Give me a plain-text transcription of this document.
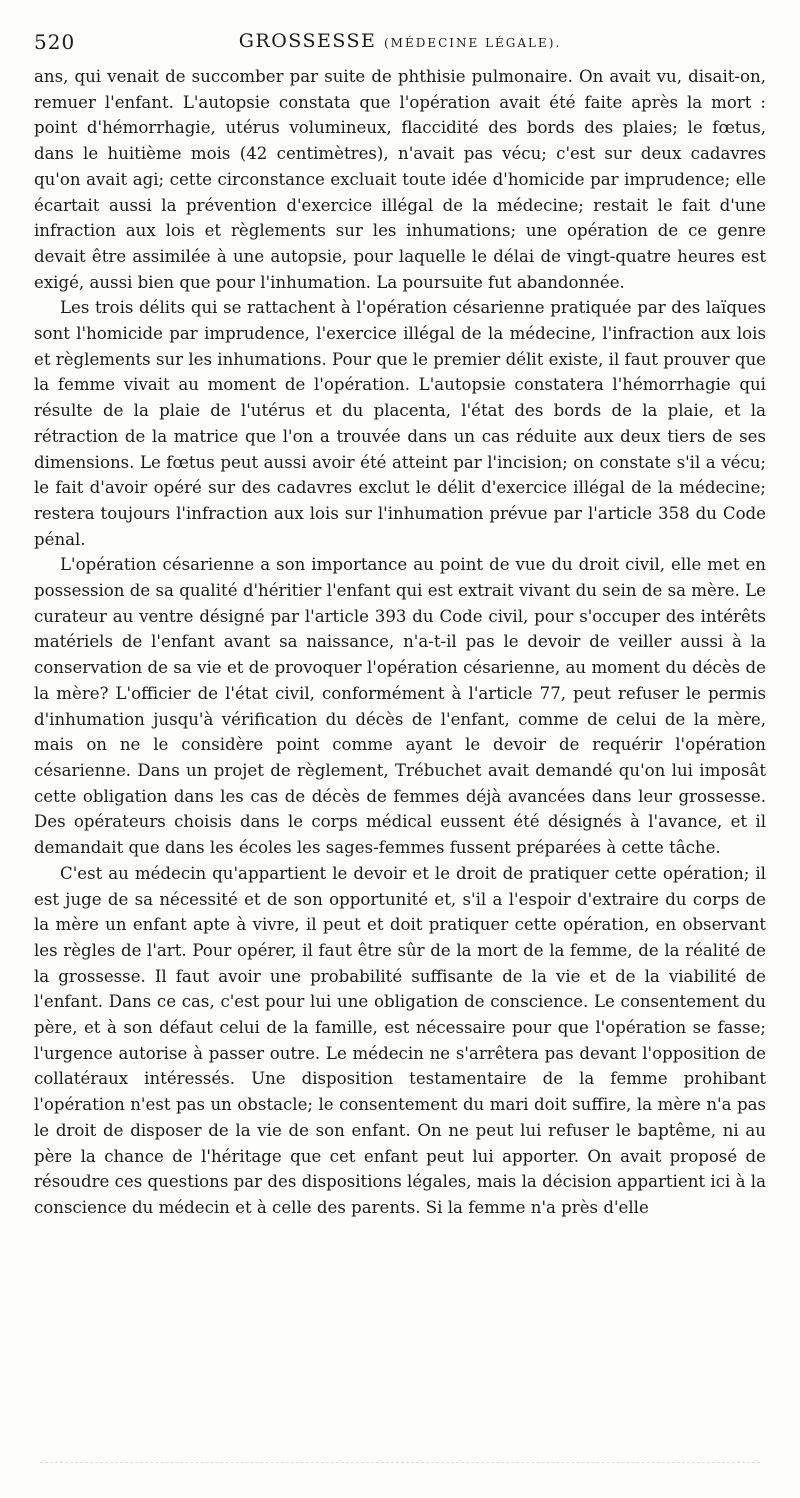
520	GROSSESSE (MÉDECINE LÉGALE).

ans, qui venait de succomber par suite de phthisie pulmonaire. On avait vu, disait-on, remuer l'enfant. L'autopsie constata que l'opération avait été faite après la mort : point d'hémorrhagie, utérus volumineux, flaccidité des bords des plaies; le fœtus, dans le huitième mois (42 centimètres), n'avait pas vécu; c'est sur deux cadavres qu'on avait agi; cette circonstance excluait toute idée d'homicide par imprudence; elle écartait aussi la prévention d'exercice illégal de la médecine; restait le fait d'une infraction aux lois et règlements sur les inhumations; une opération de ce genre devait être assimilée à une autopsie, pour laquelle le délai de vingt-quatre heures est exigé, aussi bien que pour l'inhumation. La poursuite fut abandonnée.

Les trois délits qui se rattachent à l'opération césarienne pratiquée par des laïques sont l'homicide par imprudence, l'exercice illégal de la médecine, l'infraction aux lois et règlements sur les inhumations. Pour que le premier délit existe, il faut prouver que la femme vivait au moment de l'opération. L'autopsie constatera l'hémorrhagie qui résulte de la plaie de l'utérus et du placenta, l'état des bords de la plaie, et la rétraction de la matrice que l'on a trouvée dans un cas réduite aux deux tiers de ses dimensions. Le fœtus peut aussi avoir été atteint par l'incision; on constate s'il a vécu; le fait d'avoir opéré sur des cadavres exclut le délit d'exercice illégal de la médecine; restera toujours l'infraction aux lois sur l'inhumation prévue par l'article 358 du Code pénal.

L'opération césarienne a son importance au point de vue du droit civil, elle met en possession de sa qualité d'héritier l'enfant qui est extrait vivant du sein de sa mère. Le curateur au ventre désigné par l'article 393 du Code civil, pour s'occuper des intérêts matériels de l'enfant avant sa naissance, n'a-t-il pas le devoir de veiller aussi à la conservation de sa vie et de provoquer l'opération césarienne, au moment du décès de la mère? L'officier de l'état civil, conformément à l'article 77, peut refuser le permis d'inhumation jusqu'à vérification du décès de l'enfant, comme de celui de la mère, mais on ne le considère point comme ayant le devoir de requérir l'opération césarienne. Dans un projet de règlement, Trébuchet avait demandé qu'on lui imposât cette obligation dans les cas de décès de femmes déjà avancées dans leur grossesse. Des opérateurs choisis dans le corps médical eussent été désignés à l'avance, et il demandait que dans les écoles les sages-femmes fussent préparées à cette tâche.

C'est au médecin qu'appartient le devoir et le droit de pratiquer cette opération; il est juge de sa nécessité et de son opportunité et, s'il a l'espoir d'extraire du corps de la mère un enfant apte à vivre, il peut et doit pratiquer cette opération, en observant les règles de l'art. Pour opérer, il faut être sûr de la mort de la femme, de la réalité de la grossesse. Il faut avoir une probabilité suffisante de la vie et de la viabilité de l'enfant. Dans ce cas, c'est pour lui une obligation de conscience. Le consentement du père, et à son défaut celui de la famille, est nécessaire pour que l'opération se fasse; l'urgence autorise à passer outre. Le médecin ne s'arrêtera pas devant l'opposition de collatéraux intéressés. Une disposition testamentaire de la femme prohibant l'opération n'est pas un obstacle; le consentement du mari doit suffire, la mère n'a pas le droit de disposer de la vie de son enfant. On ne peut lui refuser le baptême, ni au père la chance de l'héritage que cet enfant peut lui apporter. On avait proposé de résoudre ces questions par des dispositions légales, mais la décision appartient ici à la conscience du médecin et à celle des parents. Si la femme n'a près d'elle
